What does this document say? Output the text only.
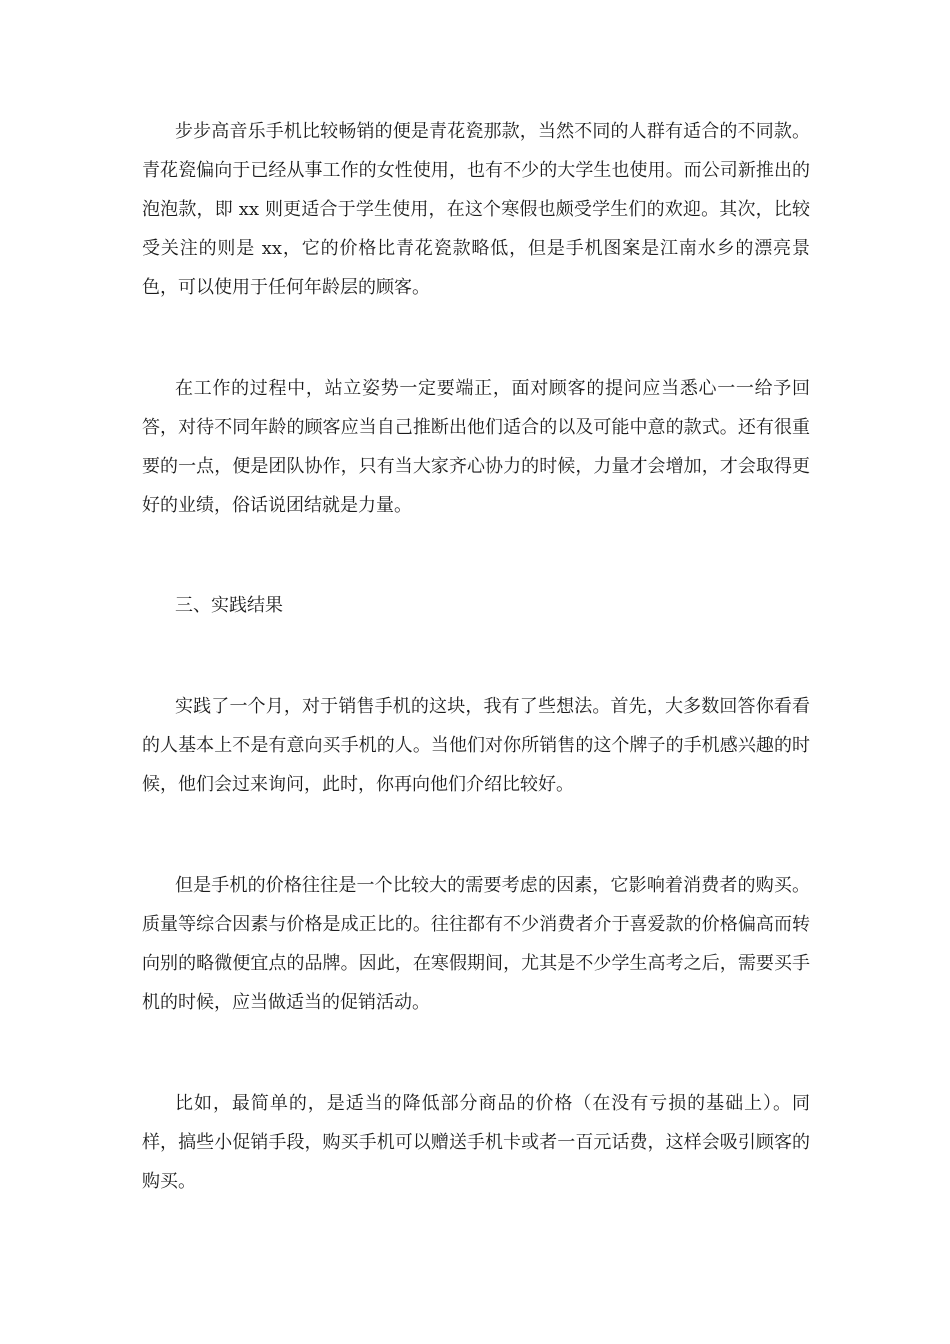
步步高音乐手机比较畅销的便是青花瓷那款，当然不同的人群有适合的不同款。青花瓷偏向于已经从事工作的女性使用，也有不少的大学生也使用。而公司新推出的泡泡款，即 xx 则更适合于学生使用，在这个寒假也颇受学生们的欢迎。其次，比较受关注的则是 xx，它的价格比青花瓷款略低，但是手机图案是江南水乡的漂亮景色，可以使用于任何年龄层的顾客。

在工作的过程中，站立姿势一定要端正，面对顾客的提问应当悉心一一给予回答，对待不同年龄的顾客应当自己推断出他们适合的以及可能中意的款式。还有很重要的一点，便是团队协作，只有当大家齐心协力的时候，力量才会增加，才会取得更好的业绩，俗话说团结就是力量。

三、实践结果

实践了一个月，对于销售手机的这块，我有了些想法。首先，大多数回答你看看 的人基本上不是有意向买手机的人。当他们对你所销售的这个牌子的手机感兴趣的时候，他们会过来询问，此时，你再向他们介绍比较好。

但是手机的价格往往是一个比较大的需要考虑的因素，它影响着消费者的购买。质量等综合因素与价格是成正比的。往往都有不少消费者介于喜爱款的价格偏高而转向别的略微便宜点的品牌。因此，在寒假期间，尤其是不少学生高考之后，需要买手机的时候，应当做适当的促销活动。

比如，最简单的，是适当的降低部分商品的价格（在没有亏损的基础上）。同样，搞些小促销手段，购买手机可以赠送手机卡或者一百元话费，这样会吸引顾客的购买。
